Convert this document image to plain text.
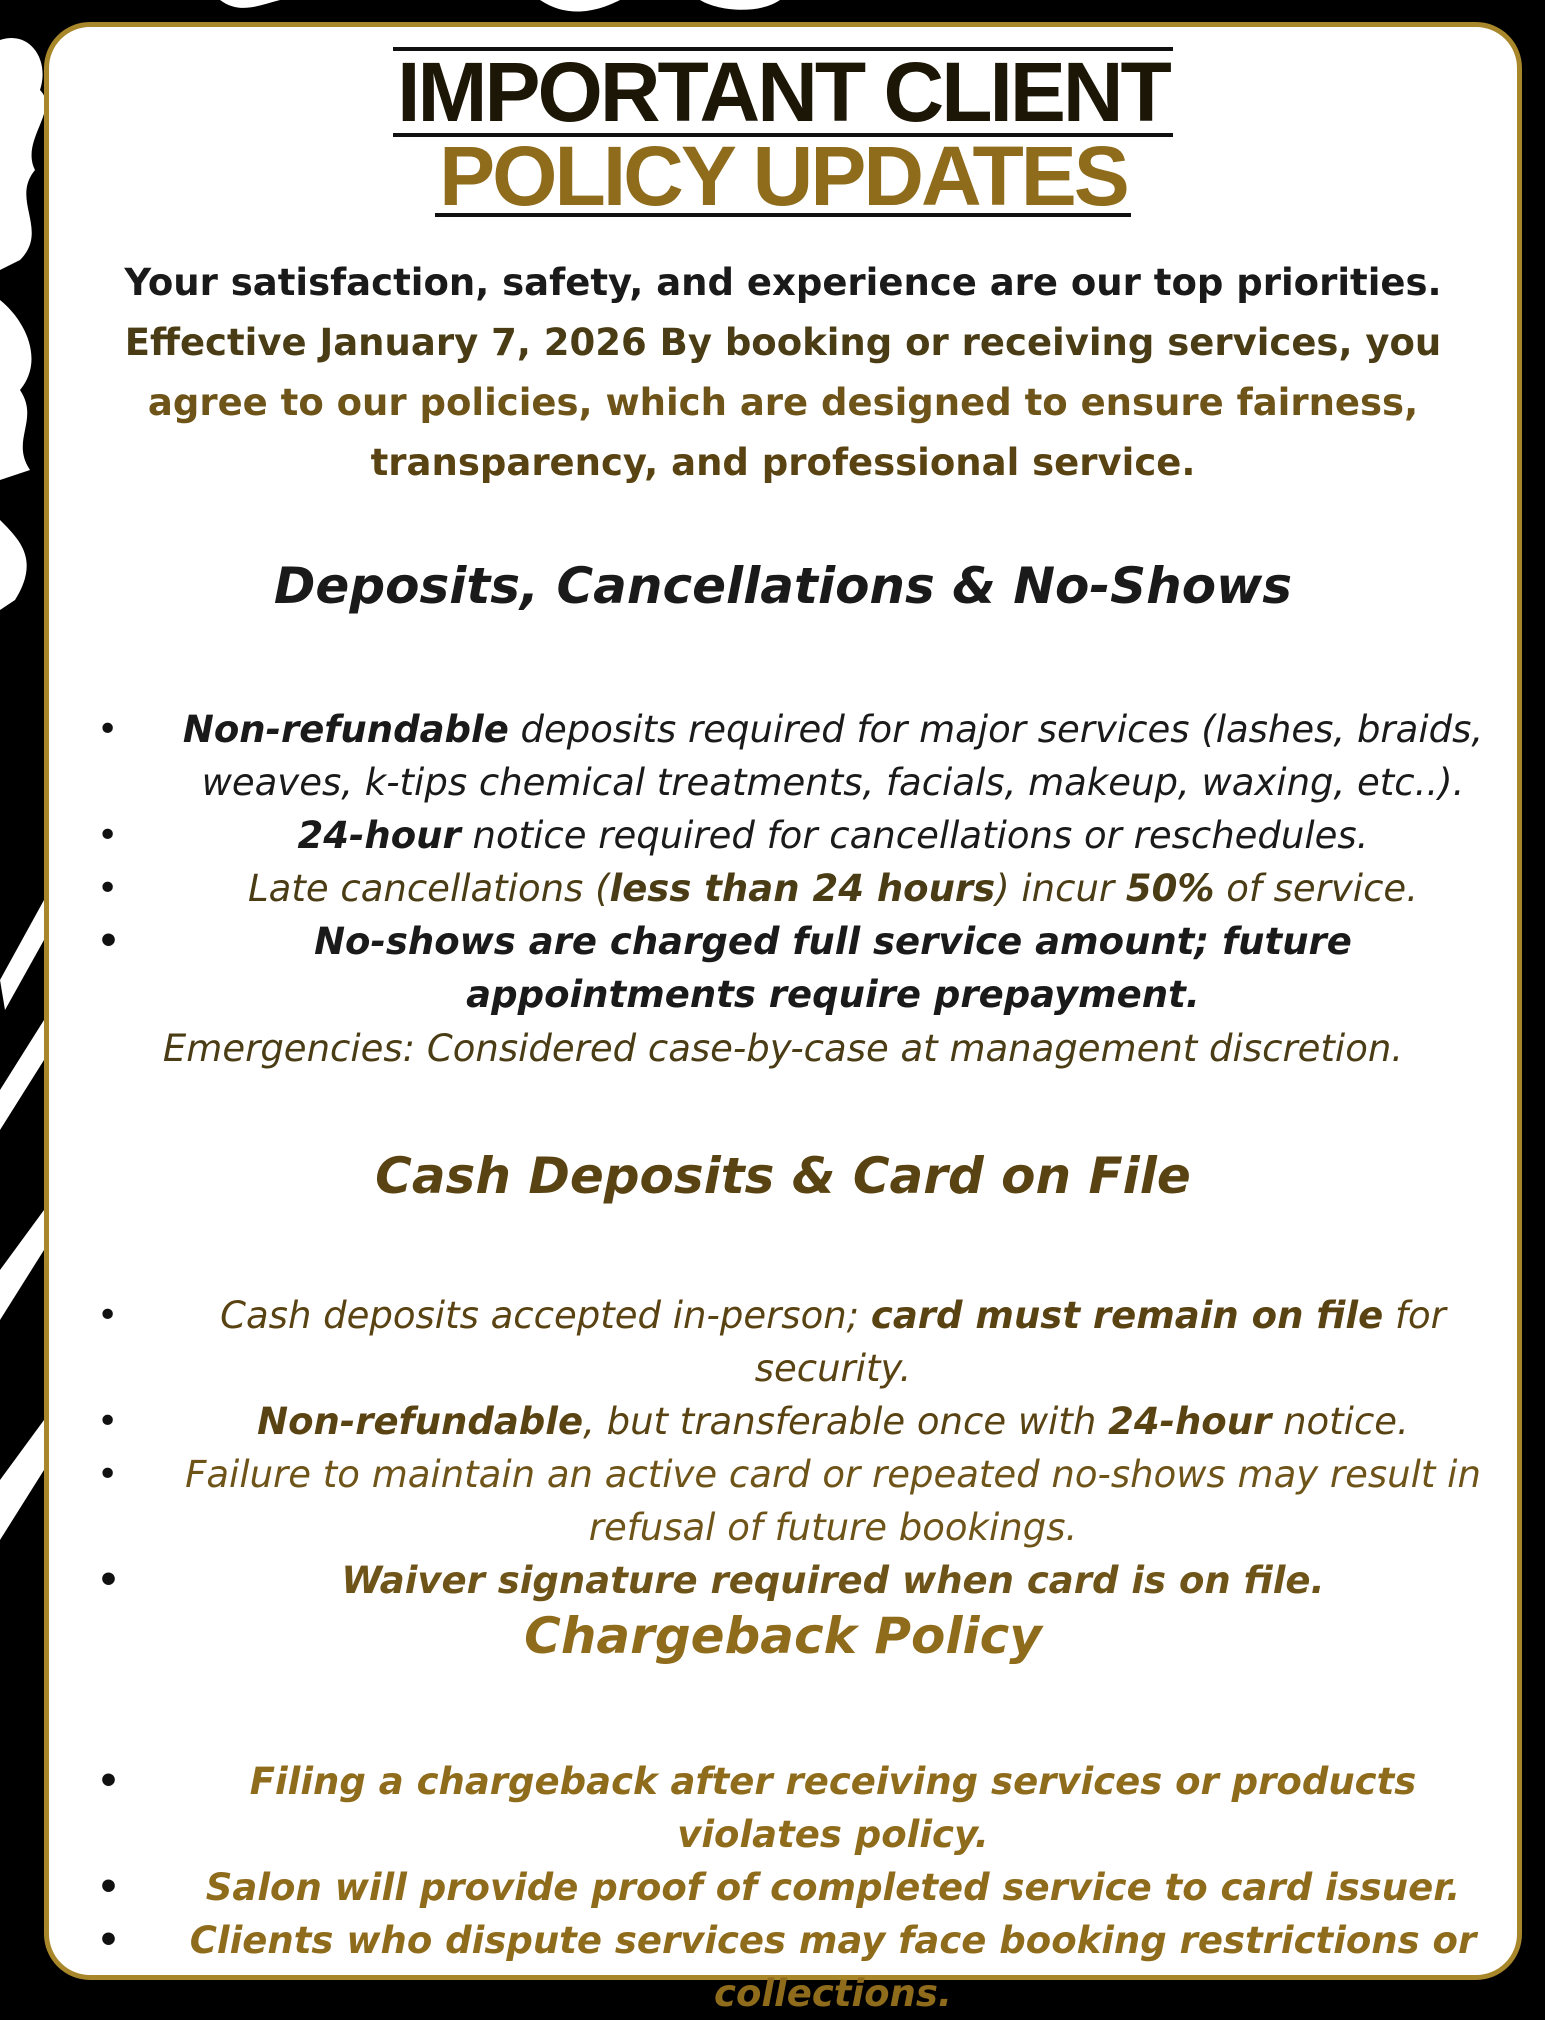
IMPORTANT CLIENT
POLICY UPDATES
Your satisfaction, safety, and experience are our top priorities.
Effective January 7, 2026 By booking or receiving services, you
agree to our policies, which are designed to ensure fairness,
transparency, and professional service.
Deposits, Cancellations & No-Shows
• Non-refundable deposits required for major services (lashes, braids, weaves, k-tips chemical treatments, facials, makeup, waxing, etc..).
• 24-hour notice required for cancellations or reschedules.
• Late cancellations (less than 24 hours) incur 50% of service.
• No-shows are charged full service amount; future appointments require prepayment.
Emergencies: Considered case-by-case at management discretion.
Cash Deposits & Card on File
• Cash deposits accepted in-person; card must remain on file for security.
• Non-refundable, but transferable once with 24-hour notice.
• Failure to maintain an active card or repeated no-shows may result in refusal of future bookings.
• Waiver signature required when card is on file.
Chargeback Policy
• Filing a chargeback after receiving services or products violates policy.
• Salon will provide proof of completed service to card issuer.
• Clients who dispute services may face booking restrictions or collections.
